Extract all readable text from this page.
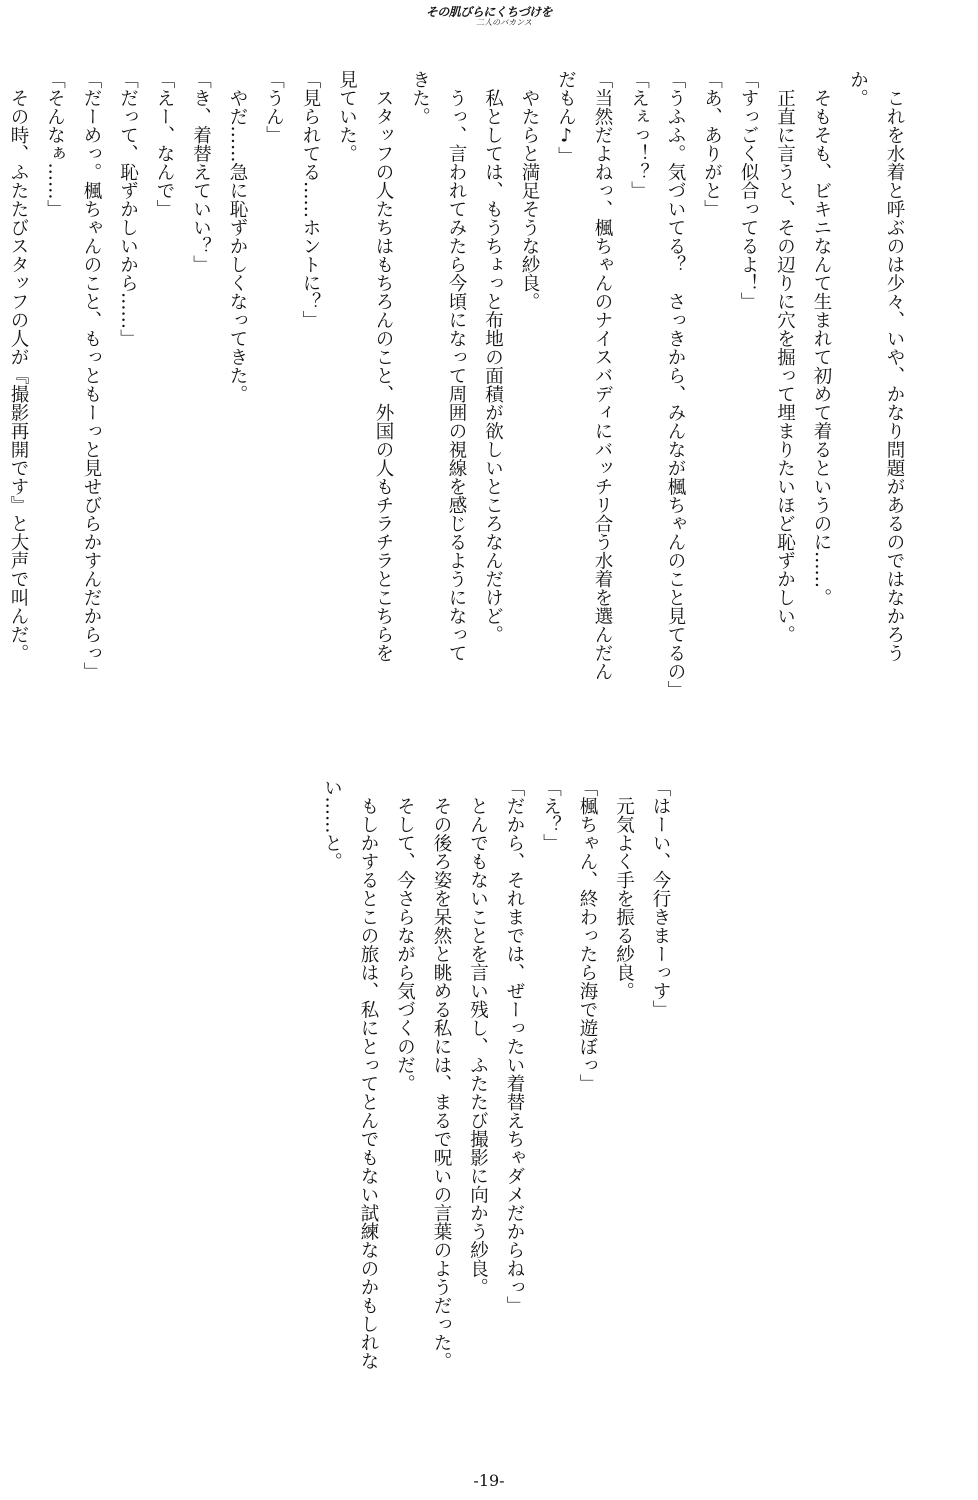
その肌びらにくちづけを
二人のバカンス
　これを水着と呼ぶのは少々、いや、かなり問題があるのではなかろう
か。
　そもそも、ビキニなんて生まれて初めて着るというのに……。
　正直に言うと、その辺りに穴を掘って埋まりたいほど恥ずかしい。
「すっごく似合ってるよ！」
「あ、ありがと」
「うふふ。気づいてる？　さっきから、みんなが楓ちゃんのこと見てるの」
「えぇっ！？」
「当然だよねっ、楓ちゃんのナイスバディにバッチリ合う水着を選んだん
だもん♪」
　やたらと満足そうな紗良。
　私としては、もうちょっと布地の面積が欲しいところなんだけど。
　うっ、言われてみたら今頃になって周囲の視線を感じるようになって
きた。
　スタッフの人たちはもちろんのこと、外国の人もチラチラとこちらを
見ていた。
「見られてる……ホントに？」
「うん」
　やだ……急に恥ずかしくなってきた。
「き、着替えていい？」
「えー、なんで」
「だって、恥ずかしいから……」
「だーめっ。楓ちゃんのこと、もっともーっと見せびらかすんだからっ」
「そんなぁ……」
　その時、ふたたびスタッフの人が『撮影再開です』と大声で叫んだ。
「はーい、今行きまーっす」
　元気よく手を振る紗良。
「楓ちゃん、終わったら海で遊ぼっ」
「え？」
「だから、それまでは、ぜーったい着替えちゃダメだからねっ」
　とんでもないことを言い残し、ふたたび撮影に向かう紗良。
　その後ろ姿を呆然と眺める私には、まるで呪いの言葉のようだった。
　そして、今さらながら気づくのだ。
　もしかするとこの旅は、私にとってとんでもない試練なのかもしれな
い……と。
-19-
